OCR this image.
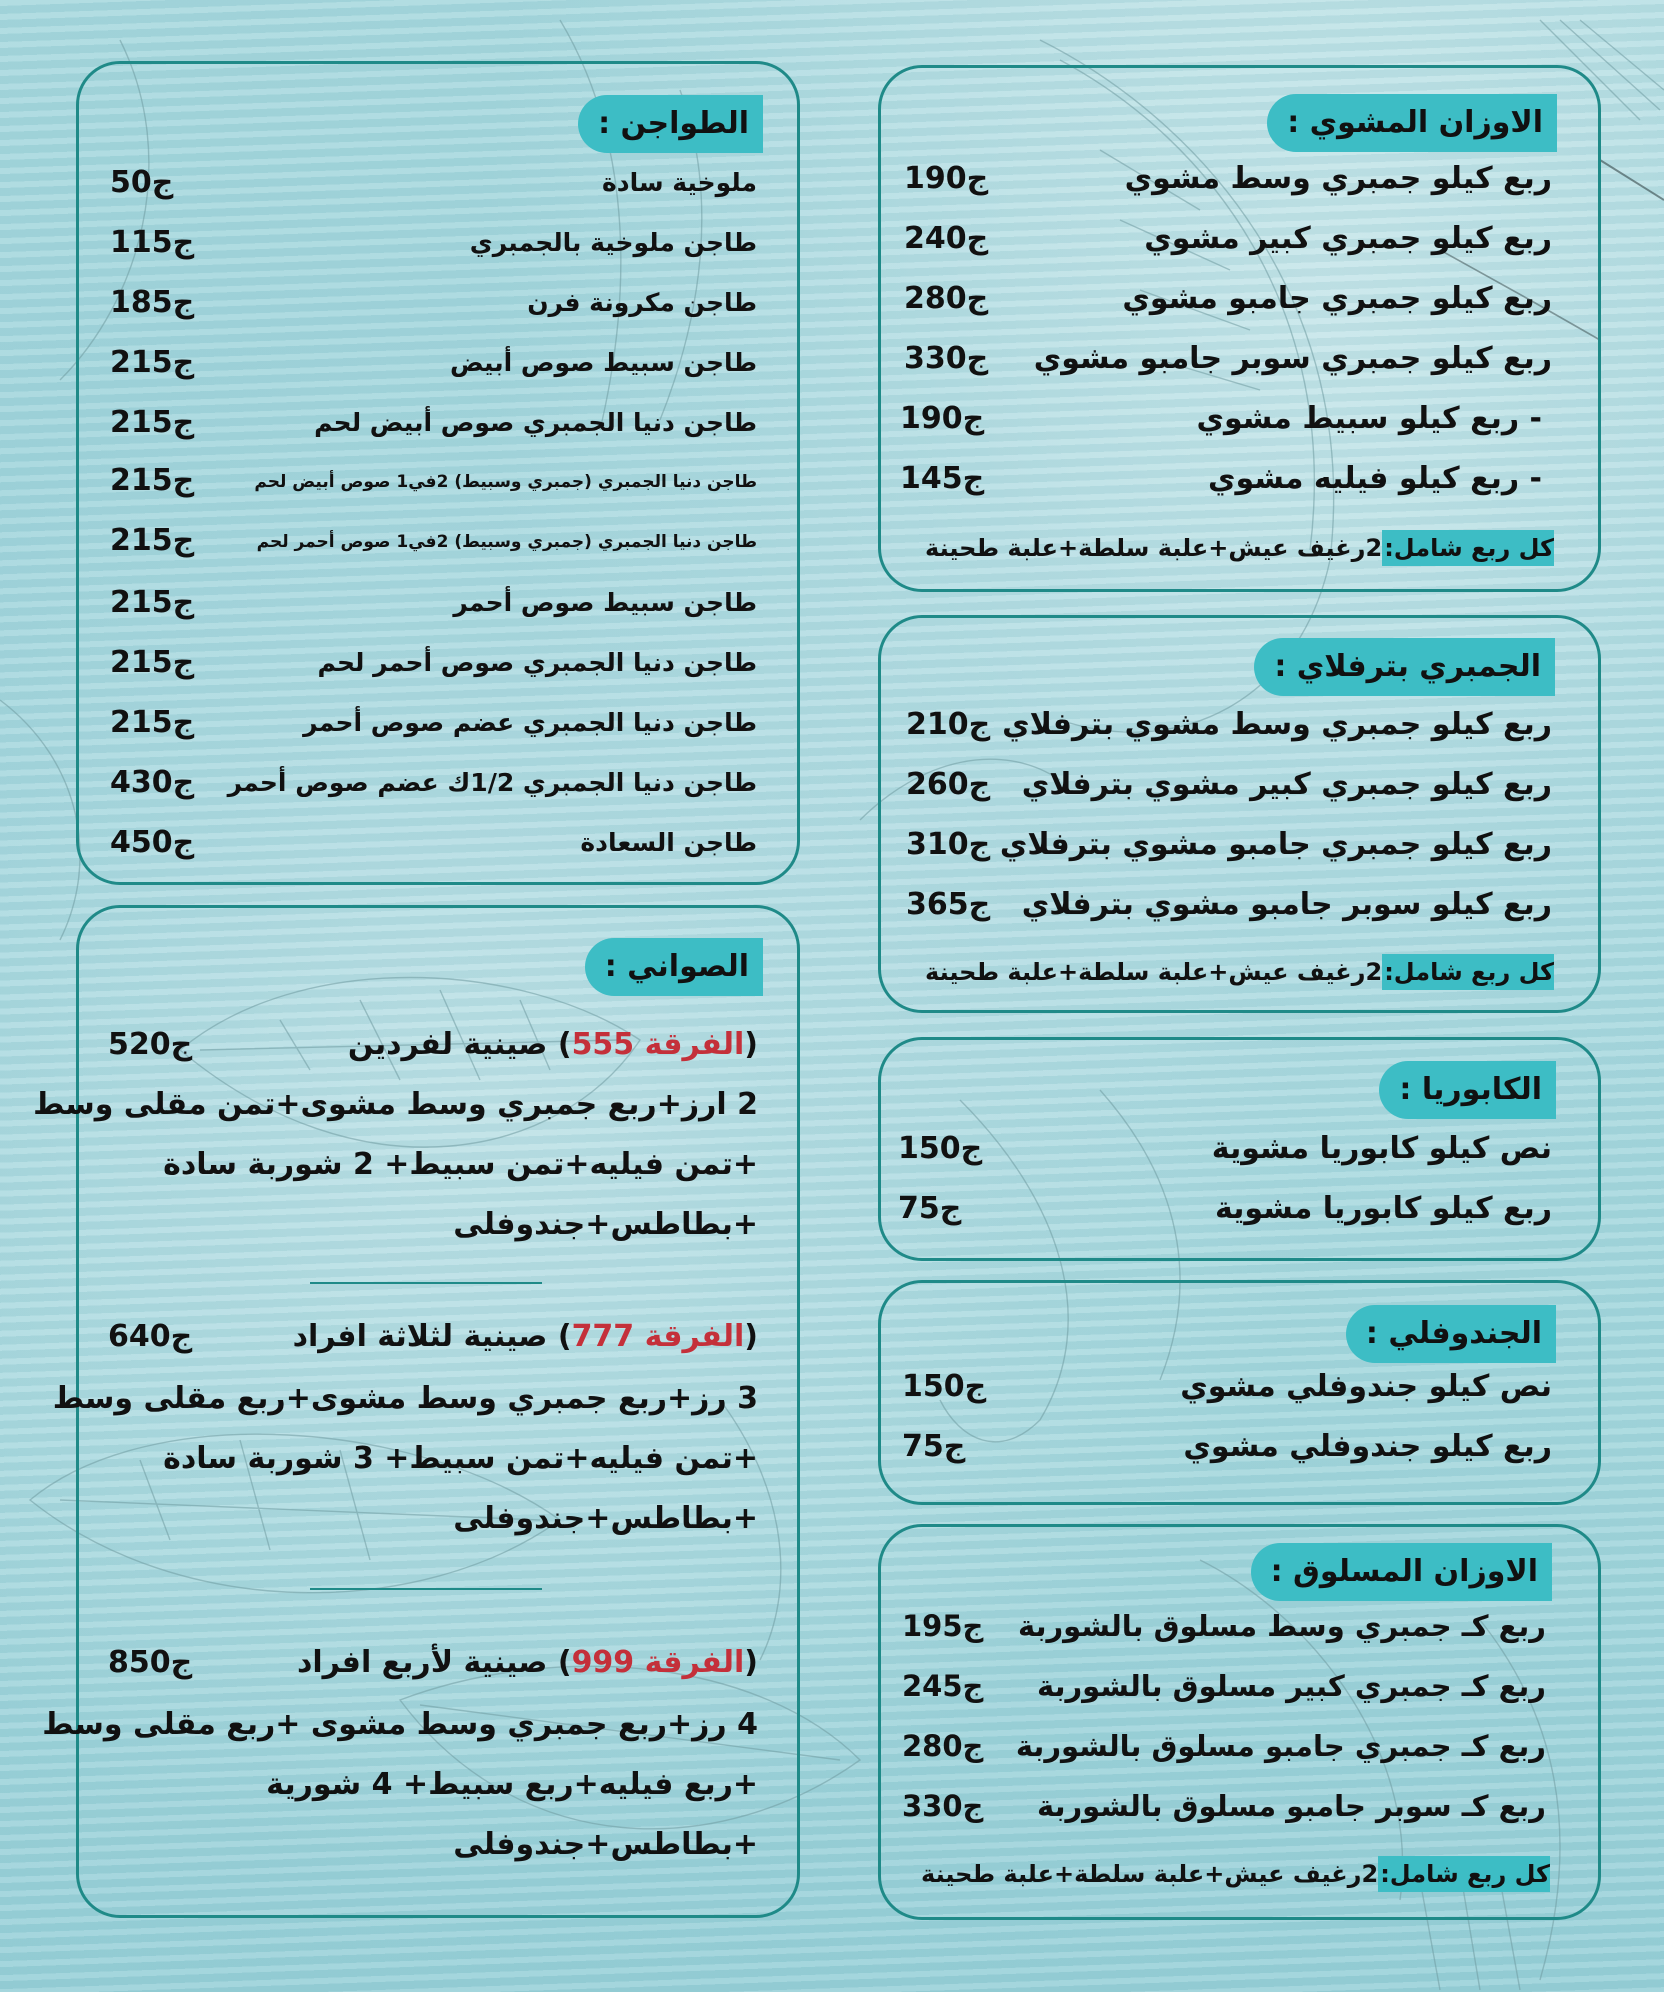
الطواجن :
ملوخية سادة
50ج
طاجن ملوخية بالجمبري
115ج
طاجن مكرونة فرن
185ج
طاجن سبيط صوص أبيض
215ج
طاجن دنيا الجمبري صوص أبيض لحم
215ج
طاجن دنيا الجمبري (جمبري وسبيط) 2في1 صوص أبيض لحم
215ج
طاجن دنيا الجمبري (جمبري وسبيط) 2في1 صوص أحمر لحم
215ج
طاجن سبيط صوص أحمر
215ج
طاجن دنيا الجمبري صوص أحمر لحم
215ج
طاجن دنيا الجمبري عضم صوص أحمر
215ج
طاجن دنيا الجمبري 1/2ك عضم صوص أحمر
430ج
طاجن السعادة
450ج
الصواني :
(الفرقة 555) صينية لفردين
520ج
2 ارز+ربع جمبري وسط مشوى+تمن مقلى وسط
+تمن فيليه+تمن سبيط+ 2 شوربة سادة
+بطاطس+جندوفلى
(الفرقة 777) صينية لثلاثة افراد
640ج
3 رز+ربع جمبري وسط مشوى+ربع مقلى وسط
+تمن فيليه+تمن سبيط+ 3 شوربة سادة
+بطاطس+جندوفلى
(الفرقة 999) صينية لأربع افراد
850ج
4 رز+ربع جمبري وسط مشوى +ربع مقلى وسط
+ربع فيليه+ربع سبيط+ 4 شورية
+بطاطس+جندوفلى
الاوزان المشوي :
ربع كيلو جمبري وسط مشوي
190ج
ربع كيلو جمبري كبير مشوي
240ج
ربع كيلو جمبري جامبو مشوي
280ج
ربع كيلو جمبري سوبر جامبو مشوي
330ج
- ربع كيلو سبيط مشوي
190ج
- ربع كيلو فيليه مشوي
145ج
كل ربع شامل:2رغيف عيش+علبة سلطة+علبة طحينة
الجمبري بترفلاي :
ربع كيلو جمبري وسط مشوي بترفلاي
210ج
ربع كيلو جمبري كبير مشوي بترفلاي
260ج
ربع كيلو جمبري جامبو مشوي بترفلاي
310ج
ربع كيلو سوبر جامبو مشوي بترفلاي
365ج
كل ربع شامل:2رغيف عيش+علبة سلطة+علبة طحينة
الكابوريا :
نص كيلو كابوريا مشوية
150ج
ربع كيلو كابوريا مشوية
75ج
الجندوفلي :
نص كيلو جندوفلي مشوي
150ج
ربع كيلو جندوفلي مشوي
75ج
الاوزان المسلوق :
ربع كـ جمبري وسط مسلوق بالشوربة
195ج
ربع كـ جمبري كبير مسلوق بالشوربة
245ج
ربع كـ جمبري جامبو مسلوق بالشوربة
280ج
ربع كـ سوبر جامبو مسلوق بالشوربة
330ج
كل ربع شامل:2رغيف عيش+علبة سلطة+علبة طحينة
